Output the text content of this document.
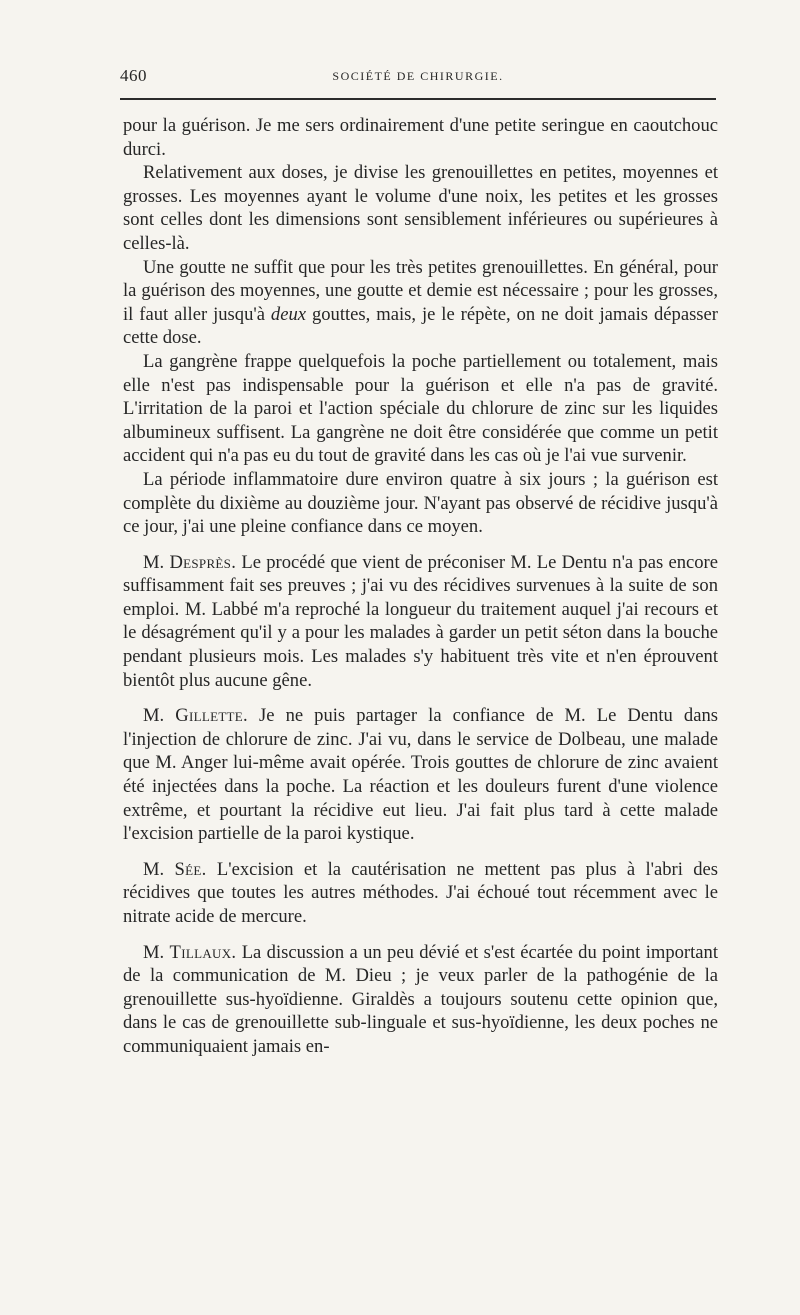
460	SOCIÉTÉ DE CHIRURGIE.

pour la guérison. Je me sers ordinairement d'une petite seringue en caoutchouc durci.

Relativement aux doses, je divise les grenouillettes en petites, moyennes et grosses. Les moyennes ayant le volume d'une noix, les petites et les grosses sont celles dont les dimensions sont sensiblement inférieures ou supérieures à celles-là.

Une goutte ne suffit que pour les très petites grenouillettes. En général, pour la guérison des moyennes, une goutte et demie est nécessaire ; pour les grosses, il faut aller jusqu'à deux gouttes, mais, je le répète, on ne doit jamais dépasser cette dose.

La gangrène frappe quelquefois la poche partiellement ou totalement, mais elle n'est pas indispensable pour la guérison et elle n'a pas de gravité. L'irritation de la paroi et l'action spéciale du chlorure de zinc sur les liquides albumineux suffisent. La gangrène ne doit être considérée que comme un petit accident qui n'a pas eu du tout de gravité dans les cas où je l'ai vue survenir.

La période inflammatoire dure environ quatre à six jours ; la guérison est complète du dixième au douzième jour. N'ayant pas observé de récidive jusqu'à ce jour, j'ai une pleine confiance dans ce moyen.

M. Desprès. Le procédé que vient de préconiser M. Le Dentu n'a pas encore suffisamment fait ses preuves ; j'ai vu des récidives survenues à la suite de son emploi. M. Labbé m'a reproché la longueur du traitement auquel j'ai recours et le désagrément qu'il y a pour les malades à garder un petit séton dans la bouche pendant plusieurs mois. Les malades s'y habituent très vite et n'en éprouvent bientôt plus aucune gêne.

M. Gillette. Je ne puis partager la confiance de M. Le Dentu dans l'injection de chlorure de zinc. J'ai vu, dans le service de Dolbeau, une malade que M. Anger lui-même avait opérée. Trois gouttes de chlorure de zinc avaient été injectées dans la poche. La réaction et les douleurs furent d'une violence extrême, et pourtant la récidive eut lieu. J'ai fait plus tard à cette malade l'excision partielle de la paroi kystique.

M. Sée. L'excision et la cautérisation ne mettent pas plus à l'abri des récidives que toutes les autres méthodes. J'ai échoué tout récemment avec le nitrate acide de mercure.

M. Tillaux. La discussion a un peu dévié et s'est écartée du point important de la communication de M. Dieu ; je veux parler de la pathogénie de la grenouillette sus-hyoïdienne. Giraldès a toujours soutenu cette opinion que, dans le cas de grenouillette sub-linguale et sus-hyoïdienne, les deux poches ne communiquaient jamais en-
